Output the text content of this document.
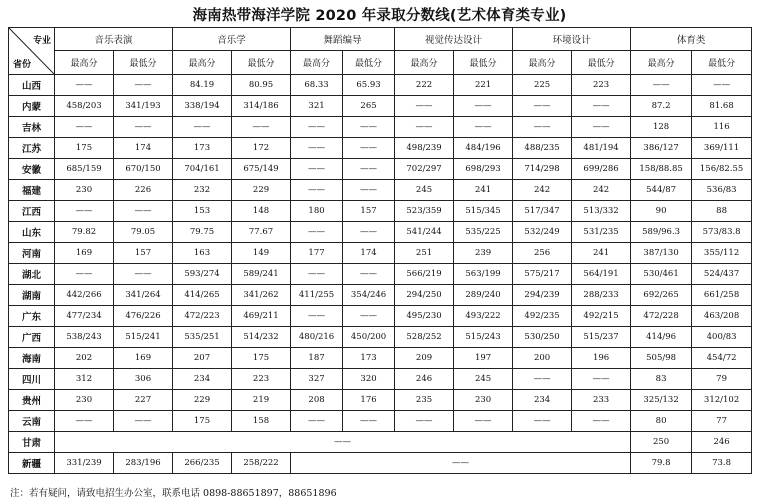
海南热带海洋学院 2020 年录取分数线(艺术体育类专业)
专业
省份	音乐表演		音乐学		舞蹈编导		视觉传达设计		环境设计		体育类	
	最高分	最低分	最高分	最低分	最高分	最低分	最高分	最低分	最高分	最低分	最高分	最低分
山西	——	——	84.19	80.95	68.33	65.93	222	221	225	223	——	——
内蒙	458/203	341/193	338/194	314/186	321	265	——	——	——	——	87.2	81.68
吉林	——	——	——	——	——	——	——	——	——	——	128	116
江苏	175	174	173	172	——	——	498/239	484/196	488/235	481/194	386/127	369/111
安徽	685/159	670/150	704/161	675/149	——	——	702/297	698/293	714/298	699/286	158/88.85	156/82.55
福建	230	226	232	229	——	——	245	241	242	242	544/87	536/83
江西	——	——	153	148	180	157	523/359	515/345	517/347	513/332	90	88
山东	79.82	79.05	79.75	77.67	——	——	541/244	535/225	532/249	531/235	589/96.3	573/83.8
河南	169	157	163	149	177	174	251	239	256	241	387/130	355/112
湖北	——	——	593/274	589/241	——	——	566/219	563/199	575/217	564/191	530/461	524/437
湖南	442/266	341/264	414/265	341/262	411/255	354/246	294/250	289/240	294/239	288/233	692/265	661/258
广东	477/234	476/226	472/223	469/211	——	——	495/230	493/222	492/235	492/215	472/228	463/208
广西	538/243	515/241	535/251	514/232	480/216	450/200	528/252	515/243	530/250	515/237	414/96	400/83
海南	202	169	207	175	187	173	209	197	200	196	505/98	454/72
四川	312	306	234	223	327	320	246	245	——	——	83	79
贵州	230	227	229	219	208	176	235	230	234	233	325/132	312/102
云南	——	——	175	158	——	——	——	——	——	——	80	77
甘肃	——										250	246
新疆	331/239	283/196	266/235	258/222	——						79.8	73.8
注：若有疑问，请致电招生办公室，联系电话 0898-88651897，88651896
